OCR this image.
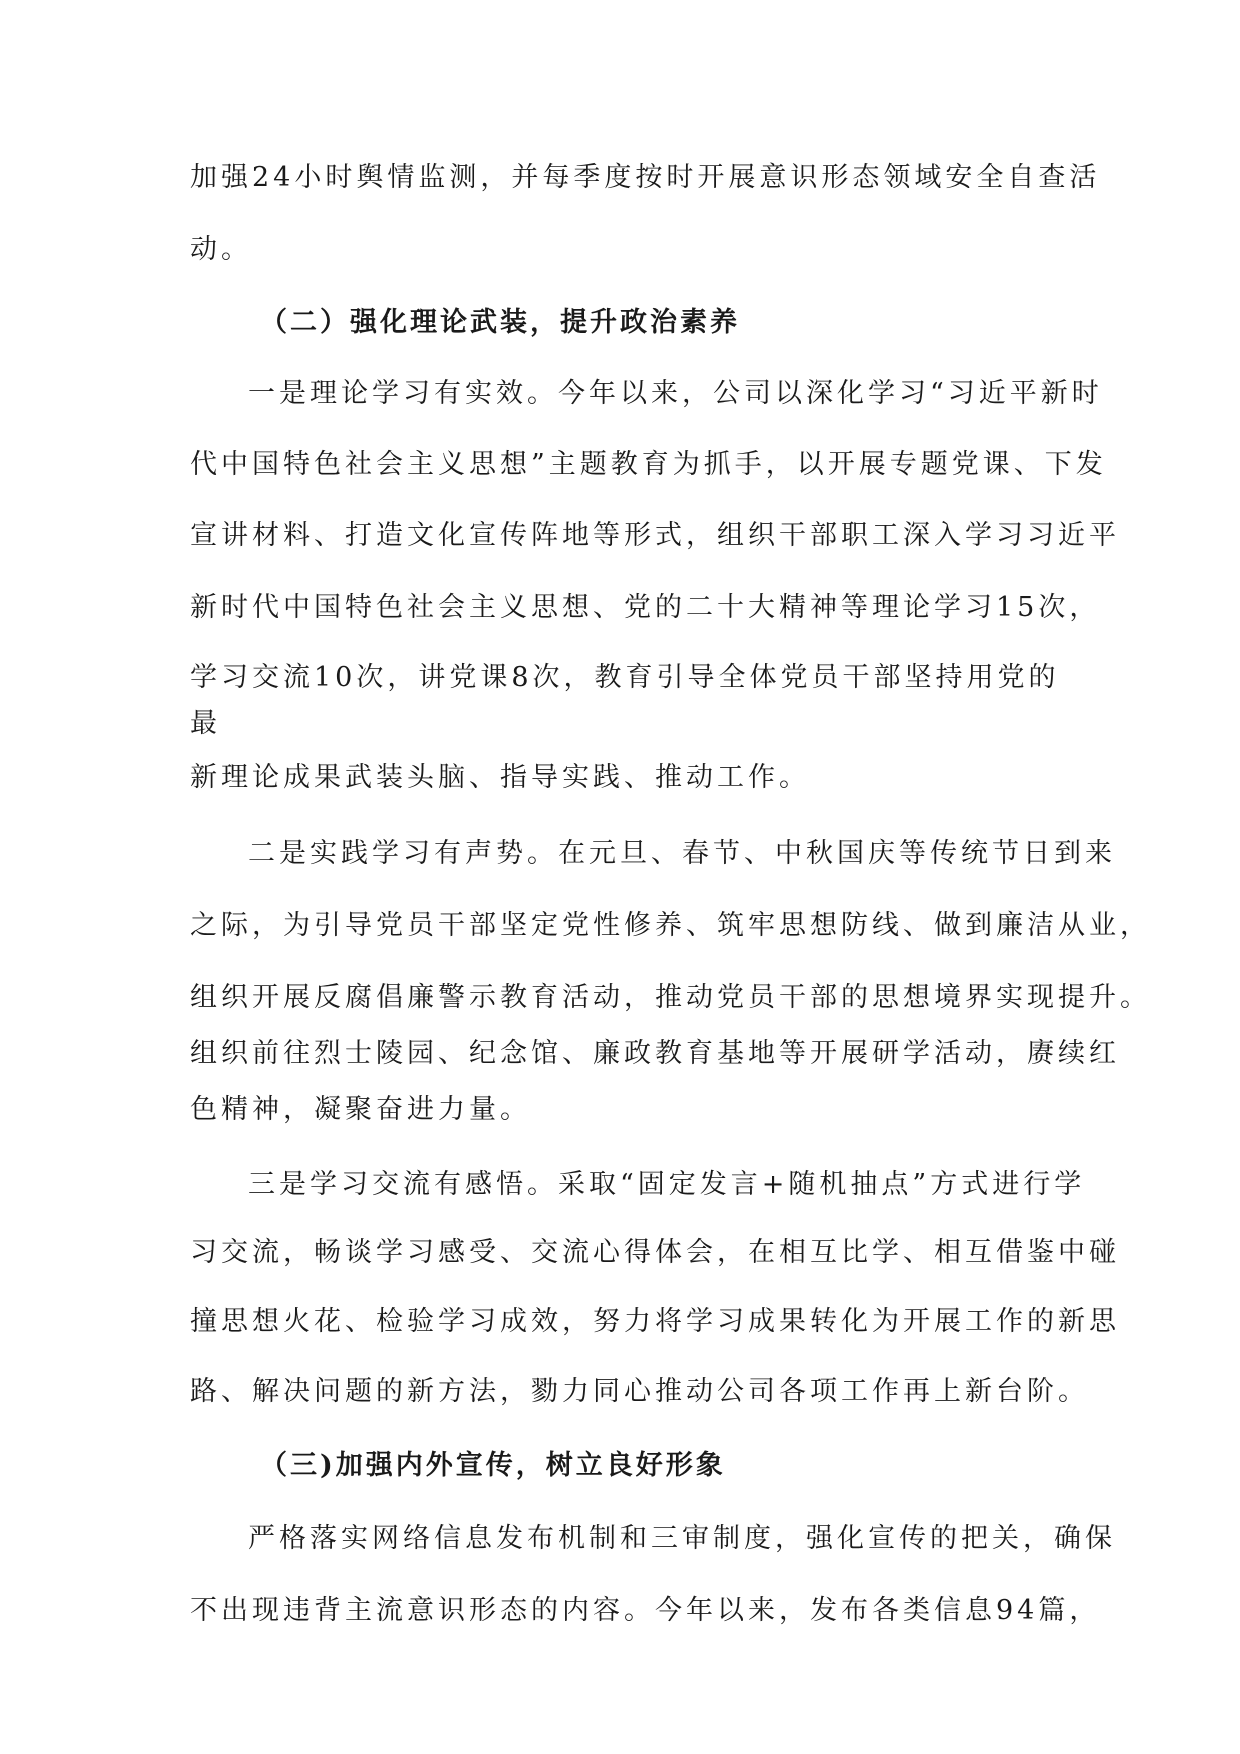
加强24小时舆情监测，并每季度按时开展意识形态领域安全自查活
动。
（二）强化理论武装，提升政治素养
一是理论学习有实效。今年以来，公司以深化学习“习近平新时
代中国特色社会主义思想”主题教育为抓手，以开展专题党课、下发
宣讲材料、打造文化宣传阵地等形式，组织干部职工深入学习习近平
新时代中国特色社会主义思想、党的二十大精神等理论学习15次，
学习交流10次，讲党课8次，教育引导全体党员干部坚持用党的
最
新理论成果武装头脑、指导实践、推动工作。
二是实践学习有声势。在元旦、春节、中秋国庆等传统节日到来
之际，为引导党员干部坚定党性修养、筑牢思想防线、做到廉洁从业，
组织开展反腐倡廉警示教育活动，推动党员干部的思想境界实现提升。
组织前往烈士陵园、纪念馆、廉政教育基地等开展研学活动，赓续红
色精神，凝聚奋进力量。
三是学习交流有感悟。采取“固定发言+随机抽点”方式进行学
习交流，畅谈学习感受、交流心得体会，在相互比学、相互借鉴中碰
撞思想火花、检验学习成效，努力将学习成果转化为开展工作的新思
路、解决问题的新方法，勠力同心推动公司各项工作再上新台阶。
（三)加强内外宣传，树立良好形象
严格落实网络信息发布机制和三审制度，强化宣传的把关，确保
不出现违背主流意识形态的内容。今年以来，发布各类信息94篇，
